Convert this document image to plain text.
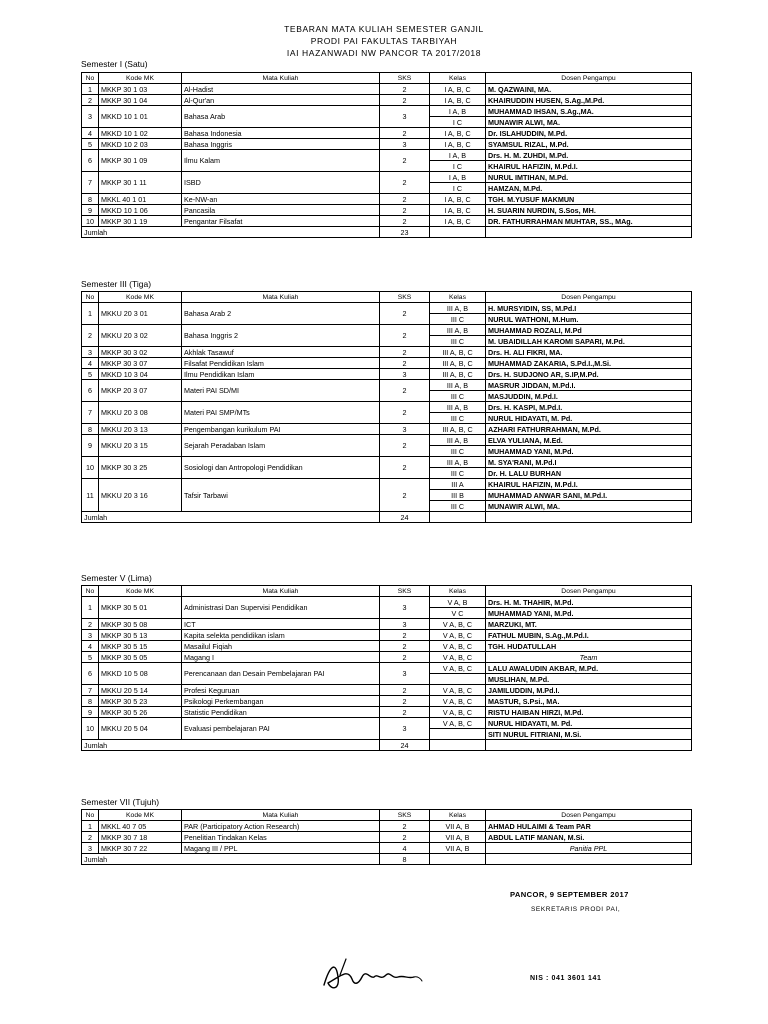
TEBARAN MATA KULIAH SEMESTER GANJIL
PRODI PAI FAKULTAS TARBIYAH
IAI HAZANWADI NW PANCOR TA 2017/2018
Semester I (Satu)
No	Kode MK	Mata Kuliah	SKS	Kelas	Dosen Pengampu
1	MKKP 30 1 03	Al-Hadist	2	I A, B, C	M. QAZWAINI, MA.
2	MKKP 30 1 04	Al-Qur'an	2	I A, B, C	KHAIRUDDIN HUSEN, S.Ag.,M.Pd.
3	MKKD 10 1 01	Bahasa Arab	3	I A, B	MUHAMMAD IHSAN, S.Ag.,MA.
				I C	MUNAWIR ALWI, MA.
4	MKKD 10 1 02	Bahasa Indonesia	2	I A, B, C	Dr. ISLAHUDDIN, M.Pd.
5	MKKD 10 2 03	Bahasa Inggris	3	I A, B, C	SYAMSUL RIZAL, M.Pd.
6	MKKP 30 1 09	Ilmu Kalam	2	I A, B	Drs. H. M. ZUHDI, M.Pd.
				I C	KHAIRUL HAFIZIN, M.Pd.I.
7	MKKP 30 1 11	ISBD	2	I A, B	NURUL IMTIHAN, M.Pd.
				I C	HAMZAN, M.Pd.
8	MKKL 40 1 01	Ke-NW-an	2	I A, B, C	TGH. M.YUSUF MAKMUN
9	MKKD 10 1 06	Pancasila	2	I A, B, C	H. SUARIN NURDIN, S.Sos, MH.
10	MKKP 30 1 19	Pengantar Filsafat	2	I A, B, C	DR. FATHURRAHMAN MUHTAR, SS., MAg.
Jumlah			23		
Semester III (Tiga)
No	Kode MK	Mata Kuliah	SKS	Kelas	Dosen Pengampu
1	MKKU 20 3 01	Bahasa Arab 2	2	III A, B	H. MURSYIDIN, SS, M.Pd.I
				III C	NURUL WATHONI, M.Hum.
2	MKKU 20 3 02	Bahasa Inggris 2	2	III A, B	MUHAMMAD ROZALI, M.Pd
				III C	M. UBAIDILLAH KAROMI SAPARI, M.Pd.
3	MKKP 30 3 02	Akhlak Tasawuf	2	III A, B, C	Drs. H. ALI FIKRI, MA.
4	MKKP 30 3 07	Filsafat Pendidikan Islam	2	III A, B, C	MUHAMMAD ZAKARIA, S.Pd.I.,M.Si.
5	MKKD 10 3 04	Ilmu Pendidikan Islam	3	III A, B, C	Drs. H. SUDJONO AR, S.IP,M.Pd.
6	MKKP 20 3 07	Materi PAI SD/MI	2	III A, B	MASRUR JIDDAN, M.Pd.I.
				III C	MASJUDDIN, M.Pd.I.
7	MKKU 20 3 08	Materi PAI SMP/MTs	2	III A, B	Drs. H. KASPI, M.Pd.I.
				III C	NURUL HIDAYATI, M. Pd.
8	MKKU 20 3 13	Pengembangan kurikulum PAI	3	III A, B, C	AZHARI FATHURRAHMAN, M.Pd.
9	MKKU 20 3 15	Sejarah Peradaban Islam	2	III A, B	ELVA YULIANA, M.Ed.
				III C	MUHAMMAD YANI, M.Pd.
10	MKKP 30 3 25	Sosiologi dan Antropologi Pendidikan	2	III A, B	M. SYA'RANI, M.Pd.I
				III C	Dr. H. LALU BURHAN
11	MKKU 20 3 16	Tafsir Tarbawi	2	III A	KHAIRUL HAFIZIN, M.Pd.I.
				III B	MUHAMMAD ANWAR SANI, M.Pd.I.
				III C	MUNAWIR ALWI, MA.
Jumlah			24		
Semester V (Lima)
No	Kode MK	Mata Kuliah	SKS	Kelas	Dosen Pengampu
1	MKKP 30 5 01	Administrasi Dan Supervisi Pendidikan	3	V A, B	Drs. H. M. THAHIR, M.Pd.
				V C	MUHAMMAD YANI, M.Pd.
2	MKKP 30 5 08	ICT	3	V A, B, C	MARZUKI, MT.
3	MKKP 30 5 13	Kapita selekta pendidikan islam	2	V A, B, C	FATHUL MUBIN, S.Ag.,M.Pd.I.
4	MKKP 30 5 15	Masailul Fiqiah	2	V A, B, C	TGH. HUDATULLAH
5	MKKP 30 5 05	Magang I	2	V A, B, C	Team
6	MKKD 10 5 08	Perencanaan dan Desain Pembelajaran PAI	3	V A, B, C	LALU AWALUDIN AKBAR, M.Pd.
					MUSLIHAN, M.Pd.
7	MKKU 20 5 14	Profesi Keguruan	2	V A, B, C	JAMILUDDIN, M.Pd.I.
8	MKKP 30 5 23	Psikologi Perkembangan	2	V A, B, C	MASTUR, S.Psi., MA.
9	MKKP 30 5 26	Statistic Pendidikan	2	V A, B, C	RISTU HAIBAN HIRZI, M.Pd.
10	MKKU 20 5 04	Evaluasi pembelajaran PAI	3	V A, B, C	NURUL HIDAYATI, M. Pd.
					SITI NURUL FITRIANI, M.Si.
Jumlah			24		
Semester VII (Tujuh)
No	Kode MK	Mata Kuliah	SKS	Kelas	Dosen Pengampu
1	MKKL 40 7 05	PAR (Participatory Action Research)	2	VII A, B	AHMAD HULAIMI & Team PAR
2	MKKP 30 7 18	Penelitian Tindakan Kelas	2	VII A, B	ABDUL LATIF MANAN, M.Si.
3	MKKP 30 7 22	Magang III / PPL	4	VII A, B	Panitia PPL
Jumlah			8		
PANCOR, 9 SEPTEMBER 2017
SEKRETARIS PRODI PAI,
NIS : 041 3601 141
